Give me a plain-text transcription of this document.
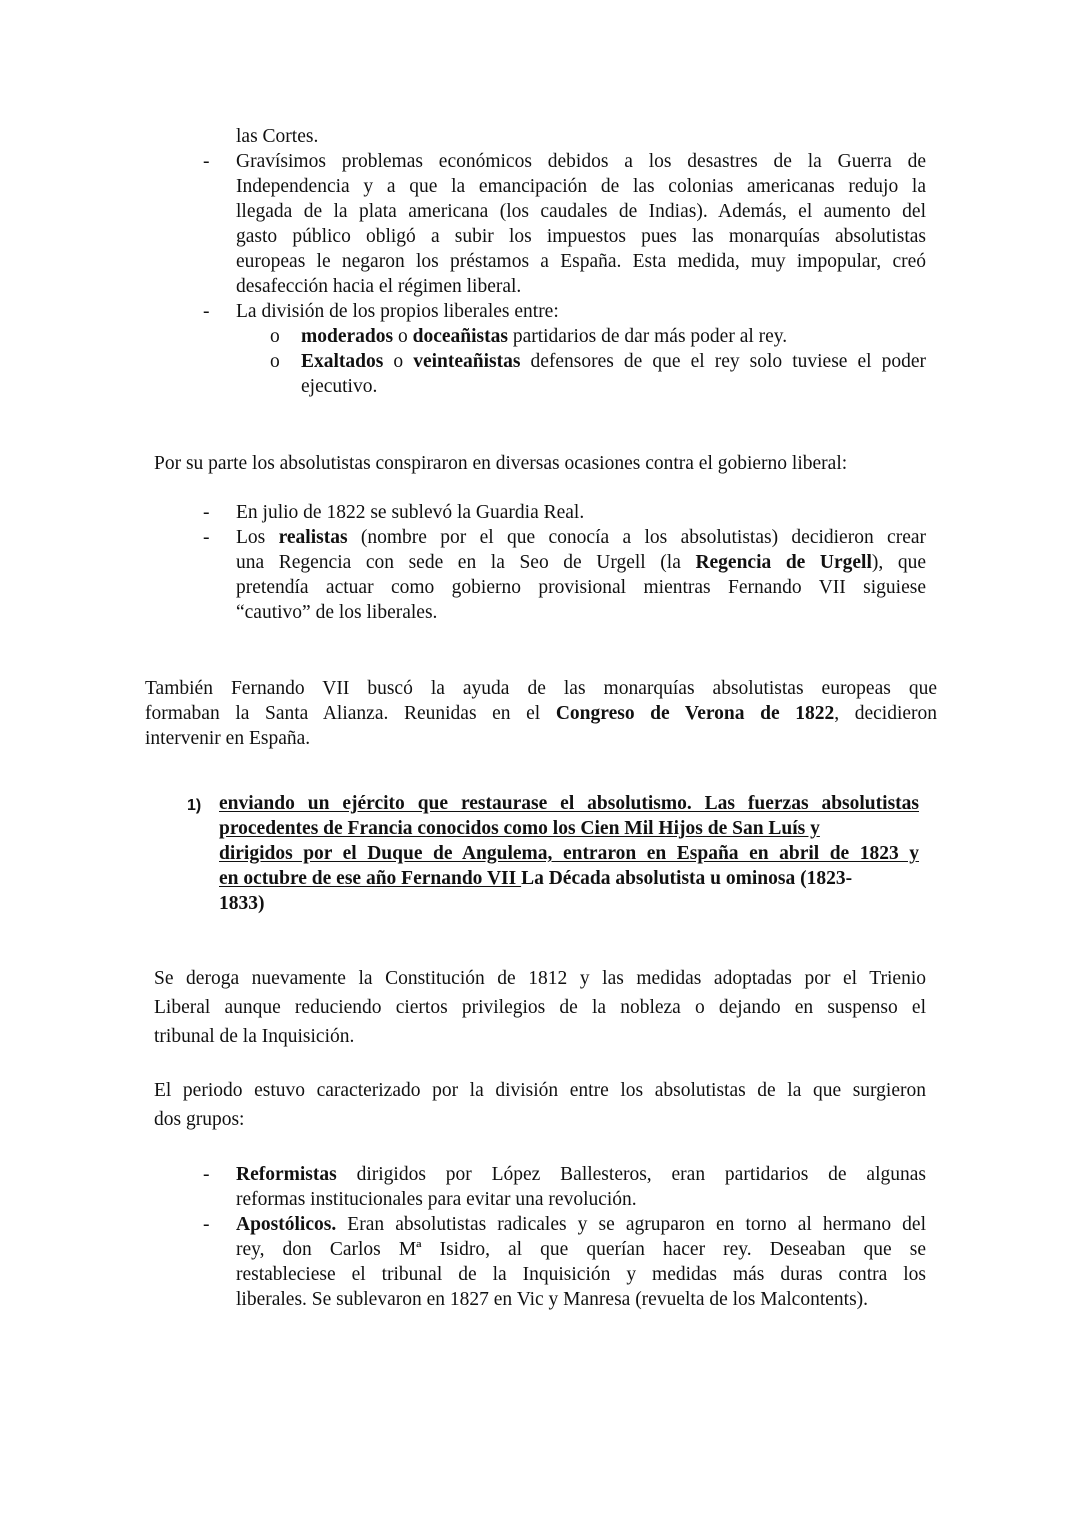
las Cortes.
- Gravísimos problemas económicos debidos a los desastres de la Guerra de
Independencia y a que la emancipación de las colonias americanas redujo la
llegada de la plata americana (los caudales de Indias). Además, el aumento del
gasto público obligó a subir los impuestos pues las monarquías absolutistas
europeas le negaron los préstamos a España. Esta medida, muy impopular, creó
desafección hacia el régimen liberal.
- La división de los propios liberales entre:
o moderados o doceañistas partidarios de dar más poder al rey.
o Exaltados o veinteañistas defensores de que el rey solo tuviese el poder
ejecutivo.
Por su parte los absolutistas conspiraron en diversas ocasiones contra el gobierno liberal:
- En julio de 1822 se sublevó la Guardia Real.
- Los realistas (nombre por el que conocía a los absolutistas) decidieron crear
una Regencia con sede en la Seo de Urgell (la Regencia de Urgell), que
pretendía actuar como gobierno provisional mientras Fernando VII siguiese
“cautivo” de los liberales.
También Fernando VII buscó la ayuda de las monarquías absolutistas europeas que
formaban la Santa Alianza. Reunidas en el Congreso de Verona de 1822, decidieron
intervenir en España.
1) enviando un ejército que restaurase el absolutismo. Las fuerzas absolutistas
procedentes de Francia conocidos como los Cien Mil Hijos de San Luís y
dirigidos por el Duque de Angulema, entraron en España en abril de 1823 y
en octubre de ese año Fernando VII La Década absolutista u ominosa (1823-
1833)
Se deroga nuevamente la Constitución de 1812 y las medidas adoptadas por el Trienio
Liberal aunque reduciendo ciertos privilegios de la nobleza o dejando en suspenso el
tribunal de la Inquisición.
El periodo estuvo caracterizado por la división entre los absolutistas de la que surgieron
dos grupos:
- Reformistas dirigidos por López Ballesteros, eran partidarios de algunas
reformas institucionales para evitar una revolución.
- Apostólicos. Eran absolutistas radicales y se agruparon en torno al hermano del
rey, don Carlos Mª Isidro, al que querían hacer rey. Deseaban que se
restableciese el tribunal de la Inquisición y medidas más duras contra los
liberales. Se sublevaron en 1827 en Vic y Manresa (revuelta de los Malcontents).
